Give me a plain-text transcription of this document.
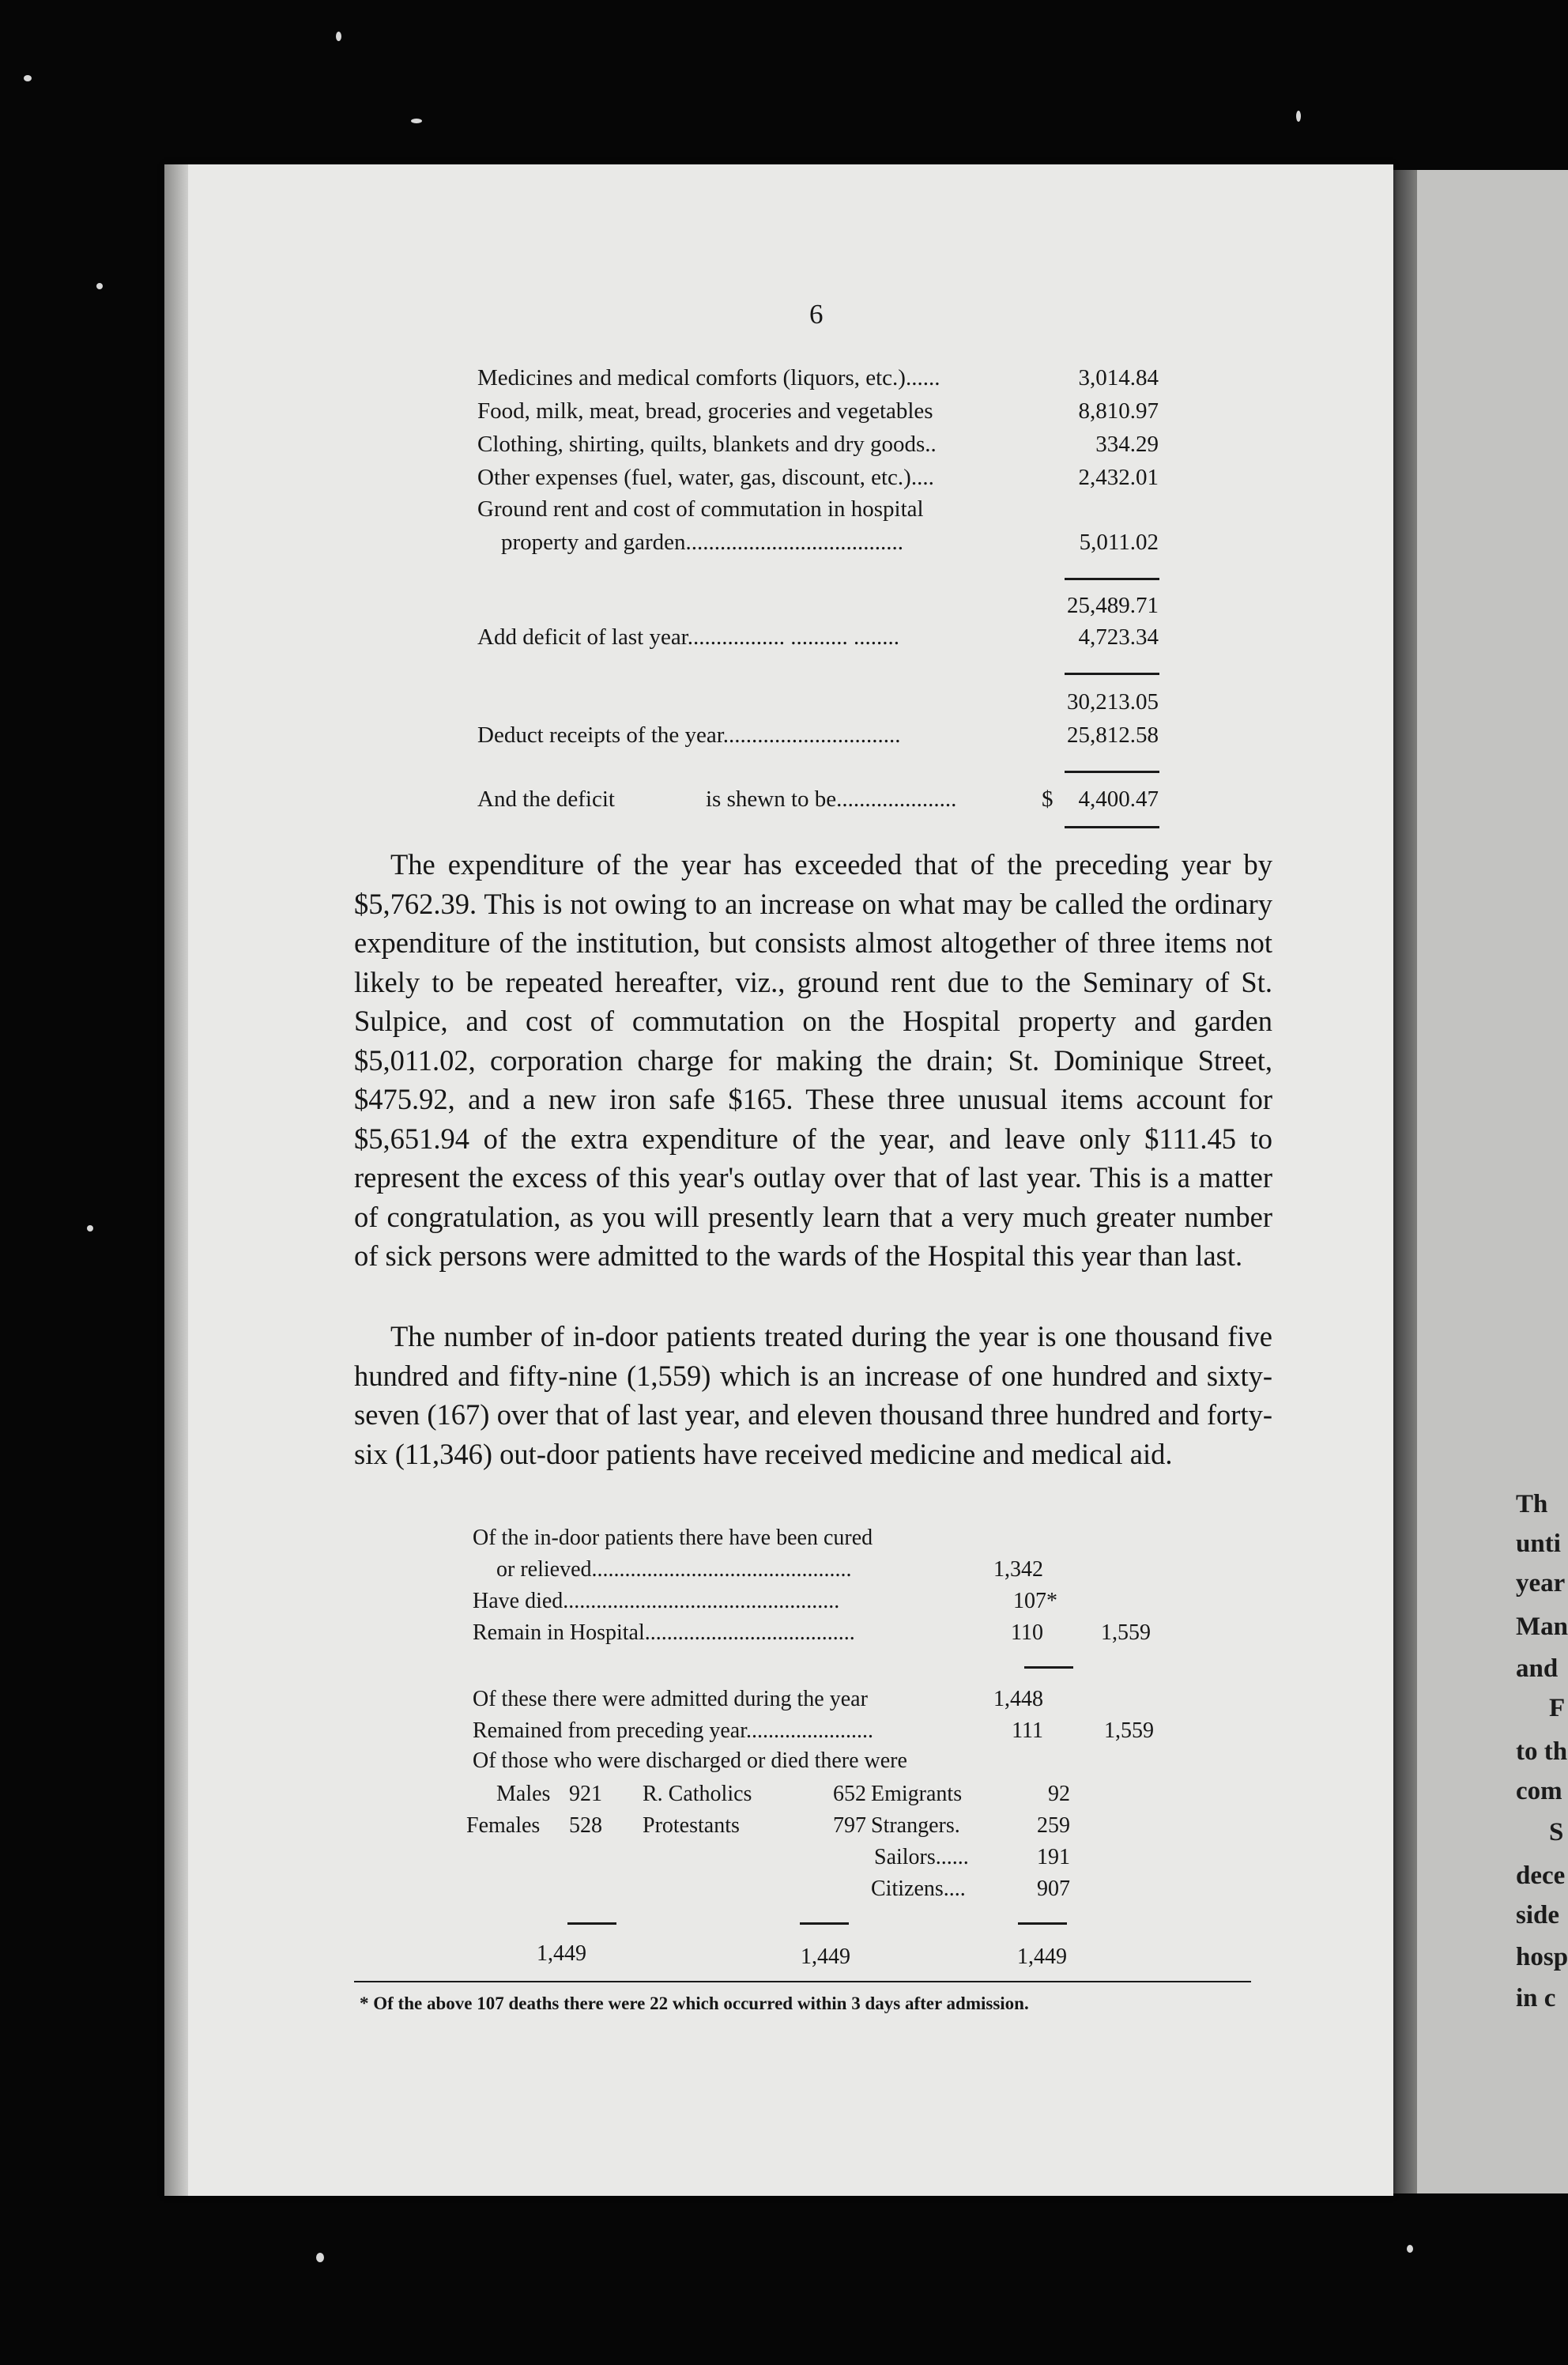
Th
unti
year
Man
and
F
to th
com
S
dece
side
hosp
in c
6
Medicines and medical comforts (liquors, etc.)......	3,014.84
Food, milk, meat, bread, groceries and vegetables	8,810.97
Clothing, shirting, quilts, blankets and dry goods..	334.29
Other expenses (fuel, water, gas, discount, etc.)....	2,432.01
Ground rent and cost of commutation in hospital
property and garden......................................	5,011.02
25,489.71
Add deficit of last year................. .......... ........	4,723.34
30,213.05
Deduct receipts of the year...............................	25,812.58
And the deficit	is shewn to be.....................	$ 4,400.47

The expenditure of the year has exceeded that of the preceding year by $5,762.39. This is not owing to an increase on what may be called the ordinary expenditure of the institution, but consists almost altogether of three items not likely to be repeated hereafter, viz., ground rent due to the Seminary of St. Sulpice, and cost of commutation on the Hospital property and garden $5,011.02, corporation charge for making the drain; St. Dominique Street, $475.92, and a new iron safe $165. These three unusual items account for $5,651.94 of the extra expenditure of the year, and leave only $111.45 to represent the excess of this year's outlay over that of last year. This is a matter of congratulation, as you will presently learn that a very much greater number of sick persons were admitted to the wards of the Hospital this year than last.

The number of in-door patients treated during the year is one thousand five hundred and fifty-nine (1,559) which is an increase of one hundred and sixty-seven (167) over that of last year, and eleven thousand three hundred and forty-six (11,346) out-door patients have received medicine and medical aid.

Of the in-door patients there have been cured
or relieved...............................................	1,342
Have died..................................................	107*
Remain in Hospital......................................	110	1,559
Of these there were admitted during the year	1,448
Remained from preceding year.......................	111	1,559
Of those who were discharged or died there were
Males 921 R. Catholics	652 Emigrants	92
Females 528 Protestants	797 Strangers.	259
Sailors......	191
Citizens....	907
1,449	1,449	1,449
* Of the above 107 deaths there were 22 which occurred within 3 days after admission.
